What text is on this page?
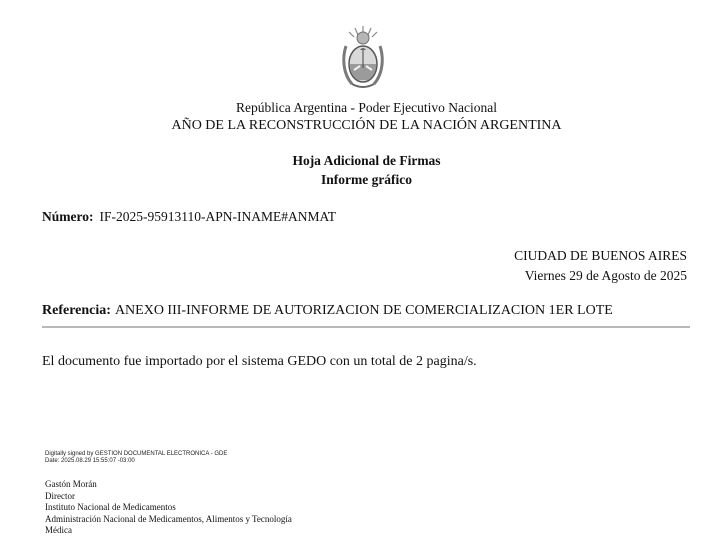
República Argentina - Poder Ejecutivo Nacional
AÑO DE LA RECONSTRUCCIÓN DE LA NACIÓN ARGENTINA
Hoja Adicional de Firmas
Informe gráfico
Número: IF-2025-95913110-APN-INAME#ANMAT
CIUDAD DE BUENOS AIRES
Viernes 29 de Agosto de 2025
Referencia: ANEXO III-INFORME DE AUTORIZACION DE COMERCIALIZACION 1ER LOTE
El documento fue importado por el sistema GEDO con un total de 2 pagina/s.
Digitally signed by GESTION DOCUMENTAL ELECTRONICA - GDE
Date: 2025.08.29 15:55:07 -03:00
Gastón Morán
Director
Instituto Nacional de Medicamentos
Administración Nacional de Medicamentos, Alimentos y Tecnología
Médica
